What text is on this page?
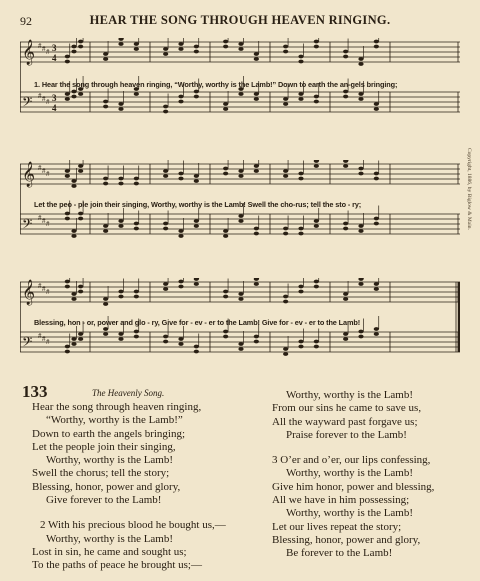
92	HEAR THE SONG THROUGH HEAVEN RINGING.
𝄞 # # # 3
4
𝄢 # # # 3
4
1. Hear the song through heaven ringing, “Worthy, worthy is the Lamb!” Down to earth the an-gels bringing;
𝄞 # # #
𝄢 # # #
Let the peo - ple join their singing, Worthy, worthy is the Lamb! Swell the cho-rus; tell the sto - ry;
𝄞 # # #
𝄢 # # #
Blessing, hon - or, power and glo - ry, Give for - ev - er to the Lamb! Give for - ev - er to the Lamb!
Copyright, 1886, by Biglow & Main.
133	The Heavenly Song.
Hear the song through heaven ringing,
“Worthy, worthy is the Lamb!”
Down to earth the angels bringing;
Let the people join their singing,
Worthy, worthy is the Lamb!
Swell the chorus; tell the story;
Blessing, honor, power and glory,
Give forever to the Lamb!
2 With his precious blood he bought us,—
Worthy, worthy is the Lamb!
Lost in sin, he came and sought us;
To the paths of peace he brought us;—
Worthy, worthy is the Lamb!
From our sins he came to save us,
All the wayward past forgave us;
Praise forever to the Lamb!
3 O’er and o’er, our lips confessing,
Worthy, worthy is the Lamb!
Give him honor, power and blessing,
All we have in him possessing;
Worthy, worthy is the Lamb!
Let our lives repeat the story;
Blessing, honor, power and glory,
Be forever to the Lamb!
